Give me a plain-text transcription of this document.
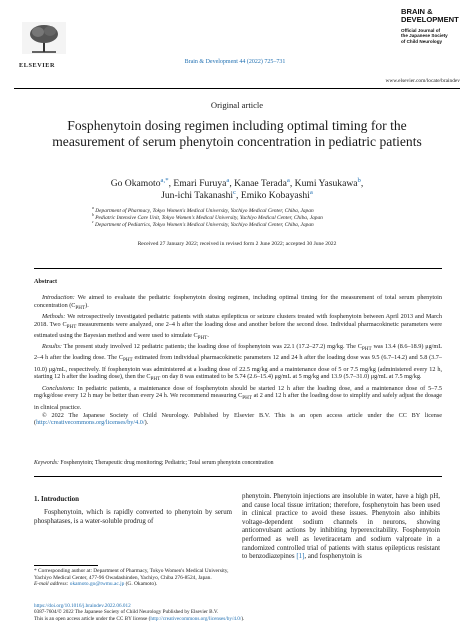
ELSEVIER	Brain & Development 44 (2022) 725–731
BRAIN &
DEVELOPMENT
Official Journal of
the Japanese Society
of Child Neurology
www.elsevier.com/locate/braindev
Original article
Fosphenytoin dosing regimen including optimal timing for the measurement of serum phenytoin concentration in pediatric patients
Go Okamoto$^{a,*}$, Emari Furuya$^a$, Kanae Terada$^a$, Kumi Yasukawa$^b$,
Jun-ichi Takanashi$^c$, Emiko Kobayashi$^a$
$^a$ Department of Pharmacy, Tokyo Women's Medical University, Yachiyo Medical Center, Chiba, Japan
$^b$ Pediatric Intensive Care Unit, Tokyo Women's Medical University, Yachiyo Medical Center, Chiba, Japan
$^c$ Department of Pediatrics, Tokyo Women's Medical University, Yachiyo Medical Center, Chiba, Japan
Received 27 January 2022; received in revised form 2 June 2022; accepted 30 June 2022
Abstract

Introduction: We aimed to evaluate the pediatric fosphenytoin dosing regimen, including optimal timing for the measurement of total serum phenytoin concentration $(C_{PHT})$.

Methods: We retrospectively investigated pediatric patients with status epilepticus or seizure clusters treated with fosphenytoin between April 2013 and March 2018. Two $C_{PHT}$ measurements were analyzed, one 2–4 h after the loading dose and another before the second dose. Individual pharmacokinetic parameters were estimated using the Bayesian method and were used to simulate $C_{PHT}$.

Results: The present study involved 12 pediatric patients; the loading dose of fosphenytoin was 22.1 (17.2–27.2) mg/kg. The $C_{PHT}$ was 13.4 (8.6–18.9) μg/mL 2–4 h after the loading dose. The $C_{PHT}$ estimated from individual pharmacokinetic parameters 12 and 24 h after the loading dose was 9.5 (6.7–14.2) and 5.8 (3.7–10.0) μg/mL, respectively. If fosphenytoin was administered at a loading dose of 22.5 mg/kg and a maintenance dose of 5 or 7.5 mg/kg (administered every 12 h, starting 12 h after the loading dose), then the $C_{PHT}$ on day 8 was estimated to be 5.74 (2.6–15.4) μg/mL at 5 mg/kg and 13.9 (5.7–31.0) μg/mL at 7.5 mg/kg.

Conclusions: In pediatric patients, a maintenance dose of fosphenytoin should be started 12 h after the loading dose, and a maintenance dose of 5–7.5 mg/kg/dose every 12 h may be better than every 24 h. We recommend measuring $C_{PHT}$ at 2 and 12 h after the loading dose to simplify and safely adjust the dosage in clinical practice.

© 2022 The Japanese Society of Child Neurology. Published by Elsevier B.V. This is an open access article under the CC BY license (http://creativecommons.org/licenses/by/4.0/).

Keywords: Fosphenytoin; Therapeutic drug monitoring; Pediatric; Total serum phenytoin concentration
1. Introduction

Fosphenytoin, which is rapidly converted to phenytoin by serum phosphatases, is a water-soluble prodrug of

phenytoin. Phenytoin injections are insoluble in water, have a high pH, and cause local tissue irritation; therefore, fosphenytoin has been used in clinical practice to avoid these issues. Phenytoin also inhibits voltage-dependent sodium channels in neurons, showing anticonvulsant actions by inhibiting hyperexcitability. Fosphenytoin performed as well as levetiracetam and sodium valproate in a randomized controlled trial of patients with status epilepticus resistant to benzodiazepines [1], and fosphenytoin is
* Corresponding author at: Department of Pharmacy, Tokyo Women's Medical University, Yachiyo Medical Center, 477-96 Owadashinden, Yachiyo, Chiba 276-8524, Japan.
E-mail address: okamoto.go@twmu.ac.jp (G. Okamoto).
https://doi.org/10.1016/j.braindev.2022.06.012
0387-7604/© 2022 The Japanese Society of Child Neurology Published by Elsevier B.V.
This is an open access article under the CC BY license (http://creativecommons.org/licenses/by/4.0/).
